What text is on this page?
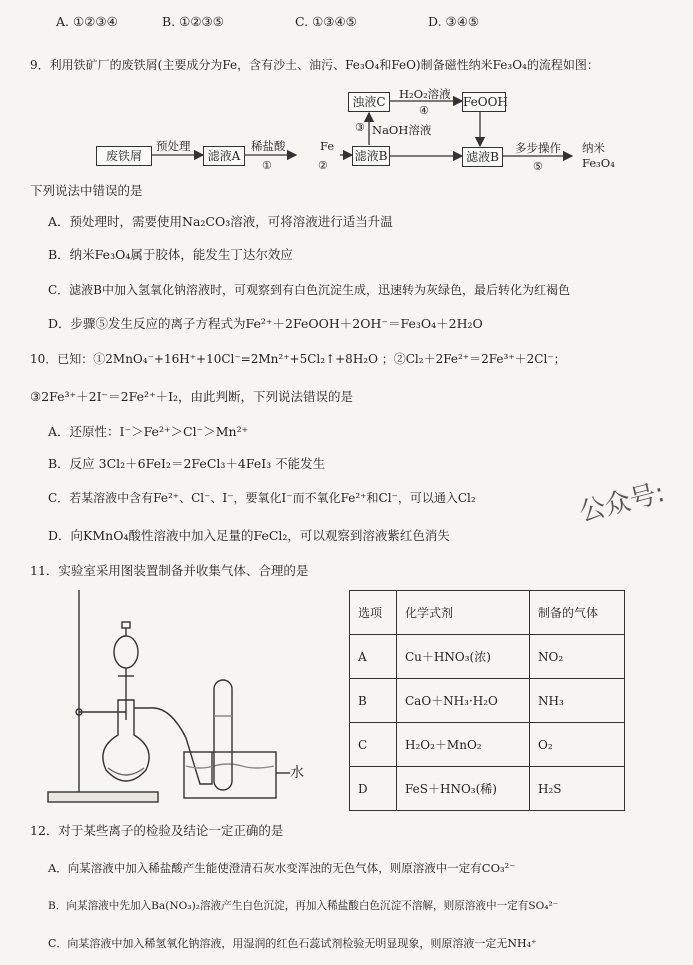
A. ①②③④	B. ①②③⑤	C. ①③④⑤	D. ③④⑤
9．利用铁矿厂的废铁屑(主要成分为Fe，含有沙土、油污、Fe₃O₄和FeO)制备磁性纳米Fe₃O₄的流程如图：
废铁屑	滤液A	滤液B
浊液C	FeOOH
滤液B
预处理	稀盐酸
①
Fe
②
③ NaOH溶液
H₂O₂溶液
④
多步操作
⑤
纳米
Fe₃O₄
下列说法中错误的是
A．预处理时，需要使用Na₂CO₃溶液，可将溶液进行适当升温
B．纳米Fe₃O₄属于胶体，能发生丁达尔效应
C．滤液B中加入氢氧化钠溶液时，可观察到有白色沉淀生成，迅速转为灰绿色，最后转化为红褐色
D．步骤⑤发生反应的离子方程式为Fe²⁺＋2FeOOH＋2OH⁻＝Fe₃O₄＋2H₂O
10．已知：①2MnO₄⁻+16H⁺+10Cl⁻=2Mn²⁺+5Cl₂↑+8H₂O ；②Cl₂＋2Fe²⁺＝2Fe³⁺＋2Cl⁻；
③2Fe³⁺＋2I⁻＝2Fe²⁺＋I₂，由此判断，下列说法错误的是
A．还原性：I⁻＞Fe²⁺＞Cl⁻＞Mn²⁺
B．反应 3Cl₂＋6FeI₂＝2FeCl₃＋4FeI₃ 不能发生
C．若某溶液中含有Fe²⁺、Cl⁻、I⁻，要氧化I⁻而不氧化Fe²⁺和Cl⁻，可以通入Cl₂
D．向KMnO₄酸性溶液中加入足量的FeCl₂，可以观察到溶液紫红色消失
公众号:
11．实验室采用图装置制备并收集气体、合理的是
水
选项	化学式剂	制备的气体
A	Cu＋HNO₃(浓)	NO₂
B	CaO＋NH₃·H₂O	NH₃
C	H₂O₂＋MnO₂	O₂
D	FeS＋HNO₃(稀)	H₂S
12．对于某些离子的检验及结论一定正确的是
A．向某溶液中加入稀盐酸产生能使澄清石灰水变浑浊的无色气体，则原溶液中一定有CO₃²⁻
B．向某溶液中先加入Ba(NO₃)₂溶液产生白色沉淀，再加入稀盐酸白色沉淀不溶解，则原溶液中一定有SO₄²⁻
C．向某溶液中加入稀氢氧化钠溶液，用湿润的红色石蕊试剂检验无明显现象，则原溶液一定无NH₄⁺
